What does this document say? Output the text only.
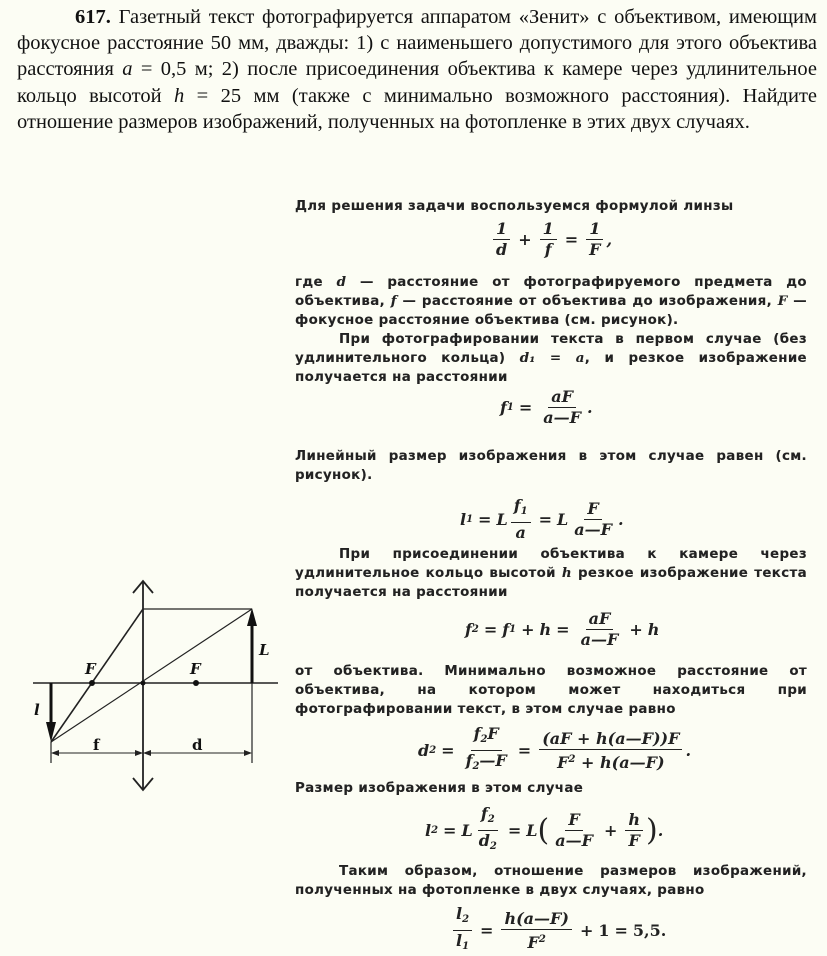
617. Газетный текст фотографируется аппаратом «Зенит» с объективом, имеющим фокусное расстояние 50 мм, дважды: 1) с наименьшего допустимого для этого объектива расстояния a = 0,5 м; 2) после присоединения объектива к камере через удлинительное кольцо высотой h = 25 мм (также с минимально возможного расстояния). Найдите отношение размеров изображений, полученных на фотопленке в этих двух случаях.
Для решения задачи воспользуемся формулой линзы
$\frac{1}{d} + \frac{1}{f} = \frac{1}{F}$ ,
где d — расстояние от фотографируемого предмета до объектива, f — расстояние от объектива до изображения, F — фокусное расстояние объектива (см. рисунок).
При фотографировании текста в первом случае (без удлинительного кольца) d₁ = a, и резкое изображение получается на расстоянии
f $1 = \frac{aF}{a—F}$ .
Линейный размер изображения в этом случае равен (см. рисунок).
l 1 = L $\frac{f_1}{a} = L \frac{F}{a—F}$ .
При присоединении объектива к камере через удлинительное кольцо высотой h резкое изображение текста получается на расстоянии
f 2 = f $1 + h = \frac{aF}{a—F} + h$
от объектива. Минимально возможное расстояние от объектива, на котором может находиться при фотографировании текст, в этом случае равно
d $2 = \frac{f_2F}{f_2—F} = \frac{(aF + h(a—F))F}{F^2 + h(a—F)}$ .
Размер изображения в этом случае
l 2 = L $\frac{f_2}{d_2} = L$ ( $\frac{F}{a—F} + \frac{h}{F}$ ) .
Таким образом, отношение размеров изображений, полученных на фотопленке в двух случаях, равно
$\frac{l_2}{l_1} = \frac{h(a—F)}{F^2} + 1 = 5,5$.
F	F
L
l
f	d
